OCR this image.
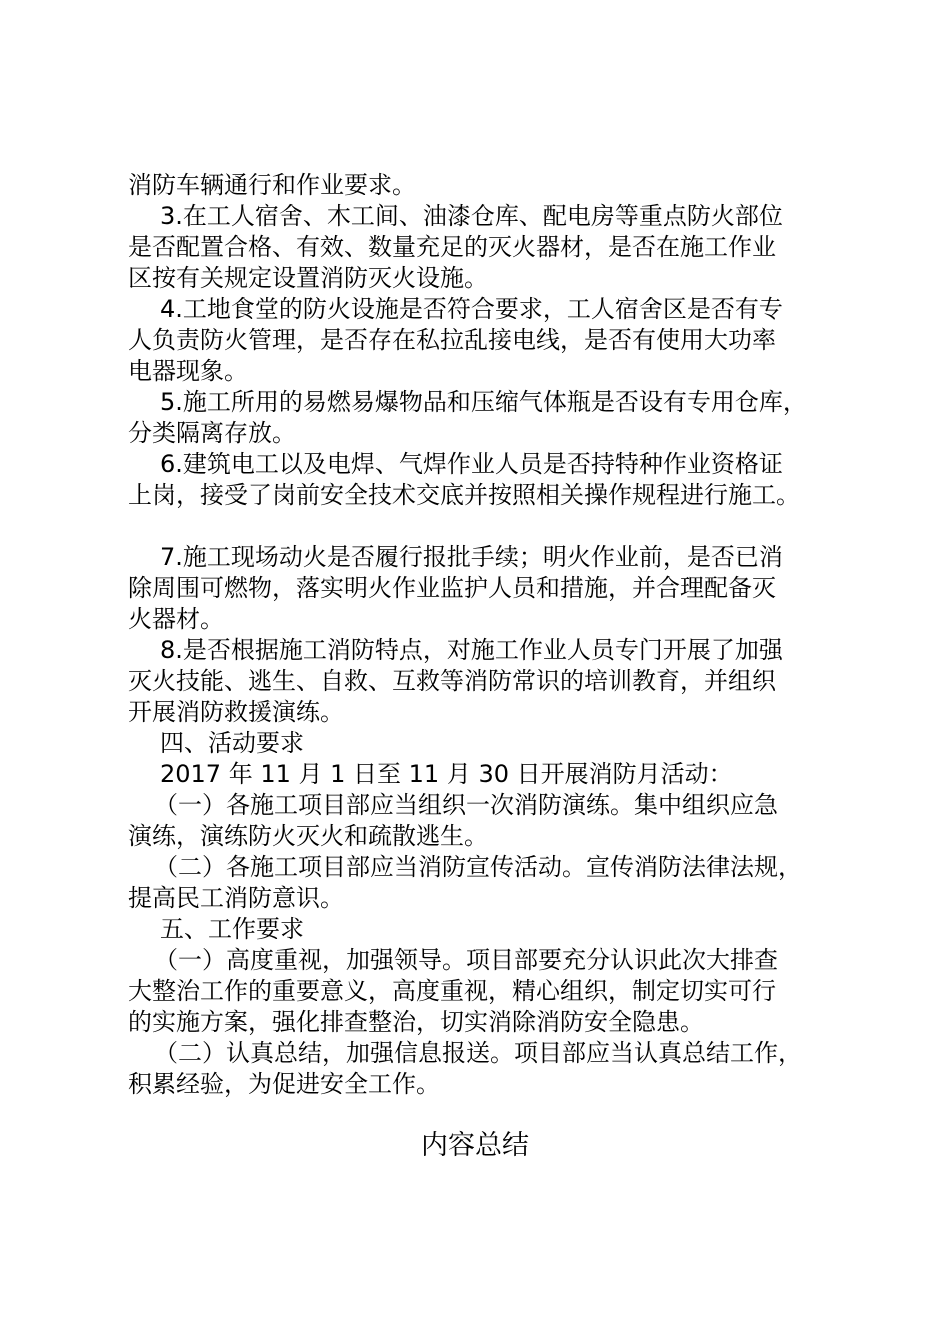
消防车辆通行和作业要求。
3.在工人宿舍、木工间、油漆仓库、配电房等重点防火部位
是否配置合格、有效、数量充足的灭火器材，是否在施工作业
区按有关规定设置消防灭火设施。
4.工地食堂的防火设施是否符合要求，工人宿舍区是否有专
人负责防火管理，是否存在私拉乱接电线，是否有使用大功率
电器现象。
5.施工所用的易燃易爆物品和压缩气体瓶是否设有专用仓库，
分类隔离存放。
6.建筑电工以及电焊、气焊作业人员是否持特种作业资格证
上岗，接受了岗前安全技术交底并按照相关操作规程进行施工。
7.施工现场动火是否履行报批手续；明火作业前，是否已消
除周围可燃物，落实明火作业监护人员和措施，并合理配备灭
火器材。
8.是否根据施工消防特点，对施工作业人员专门开展了加强
灭火技能、逃生、自救、互救等消防常识的培训教育，并组织
开展消防救援演练。
四、活动要求
2017 年 11 月 1 日至 11 月 30 日开展消防月活动：
（一）各施工项目部应当组织一次消防演练。集中组织应急
演练，演练防火灭火和疏散逃生。
（二）各施工项目部应当消防宣传活动。宣传消防法律法规，
提高民工消防意识。
五、工作要求
（一）高度重视，加强领导。项目部要充分认识此次大排查
大整治工作的重要意义，高度重视，精心组织，制定切实可行
的实施方案，强化排查整治，切实消除消防安全隐患。
（二）认真总结，加强信息报送。项目部应当认真总结工作，
积累经验，为促进安全工作。
内容总结
